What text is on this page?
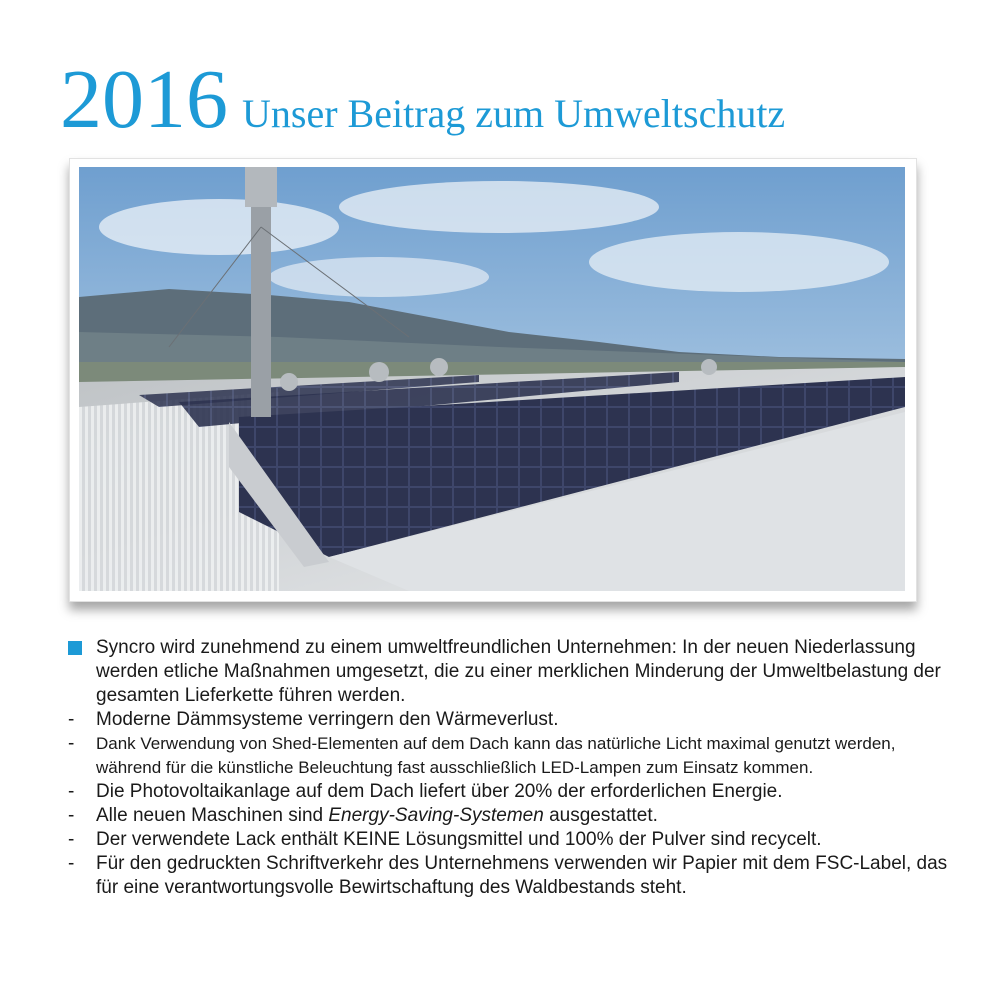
2016 Unser Beitrag zum Umweltschutz

Syncro wird zunehmend zu einem umweltfreundlichen Unternehmen: In der neuen Niederlassung werden etliche Maßnahmen umgesetzt, die zu einer merklichen Minderung der Umweltbelastung der gesamten Lieferkette führen werden.

- Moderne Dämmsysteme verringern den Wärmeverlust.

- Dank Verwendung von Shed-Elementen auf dem Dach kann das natürliche Licht maximal genutzt werden, während für die künstliche Beleuchtung fast ausschließlich LED-Lampen zum Einsatz kommen.

- Die Photovoltaikanlage auf dem Dach liefert über 20% der erforderlichen Energie.

- Alle neuen Maschinen sind Energy-Saving-Systemen ausgestattet.

- Der verwendete Lack enthält KEINE Lösungsmittel und 100% der Pulver sind recycelt.

- Für den gedruckten Schriftverkehr des Unternehmens verwenden wir Papier mit dem FSC-Label, das für eine verantwortungsvolle Bewirtschaftung des Waldbestands steht.
